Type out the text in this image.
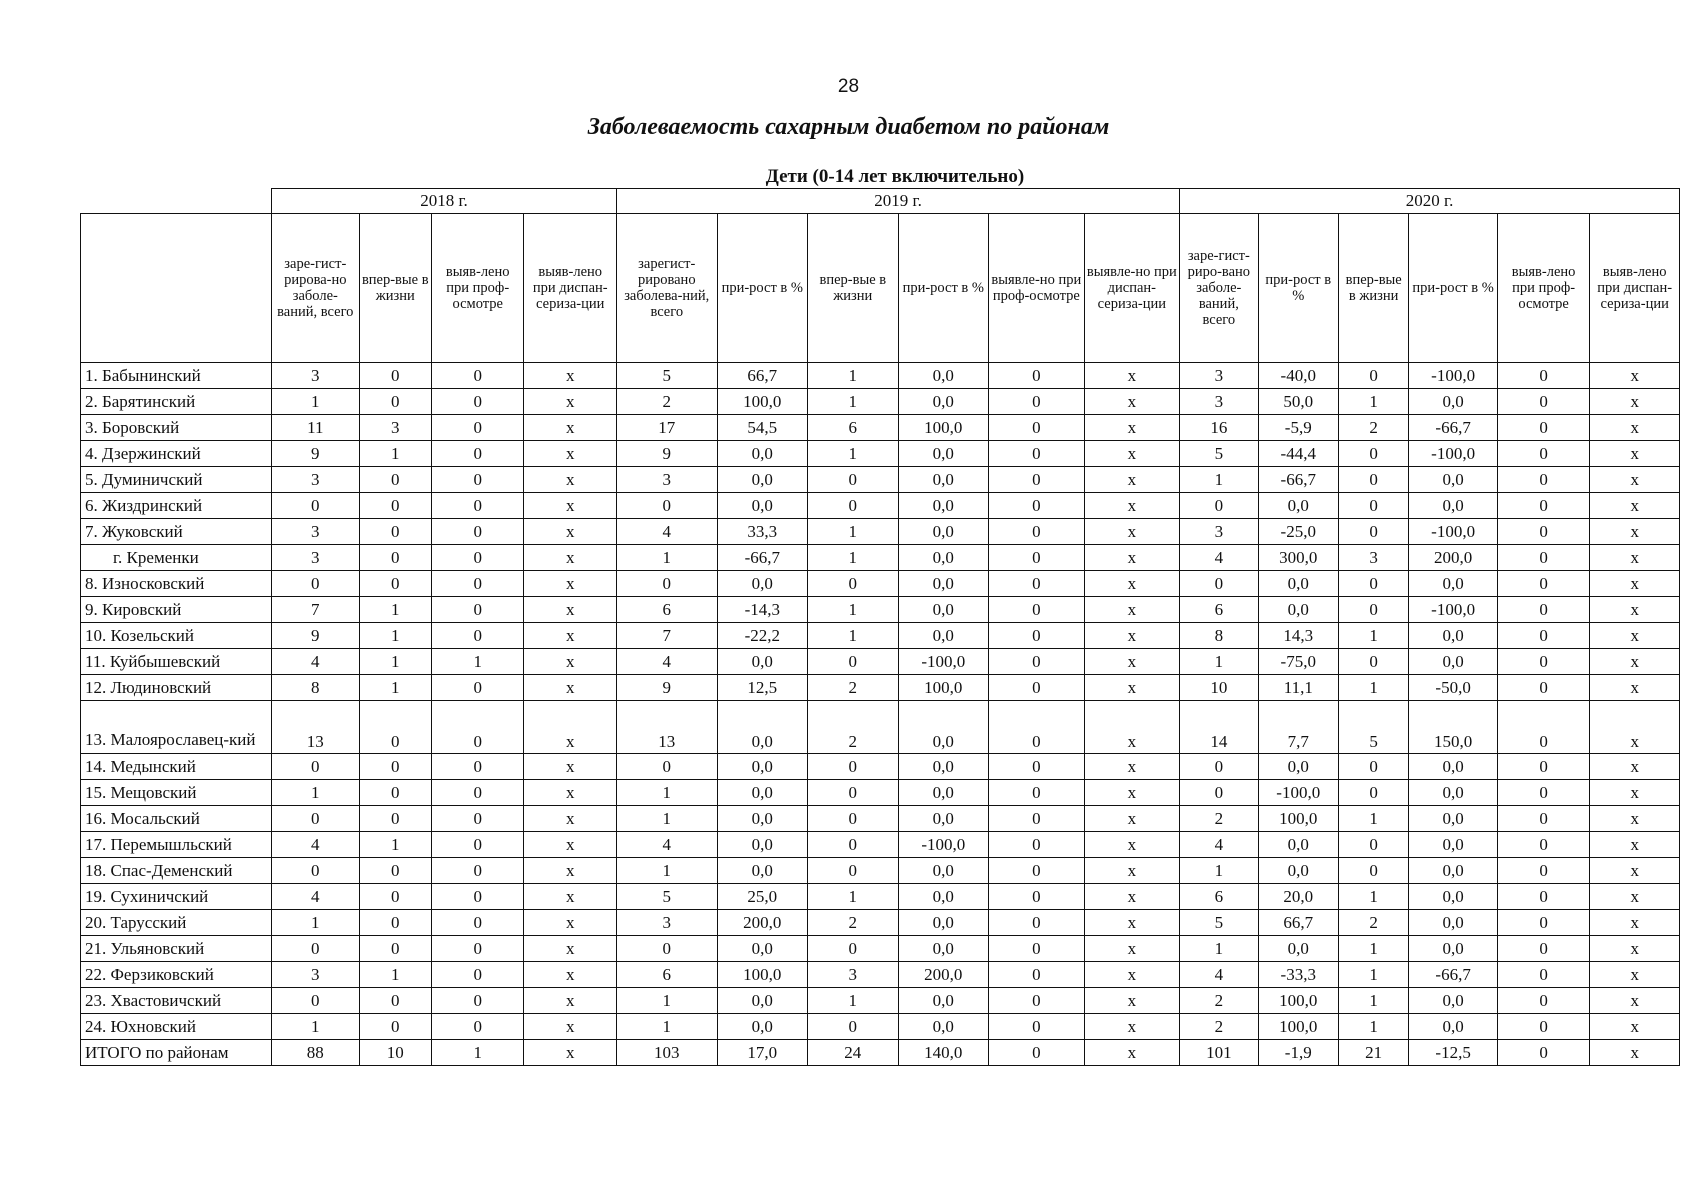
28
Заболеваемость сахарным диабетом по районам
Дети (0-14 лет включительно)
	2018 г.				2019 г.						2020 г.					
	заре-гист-рирова-но заболе-ваний, всего	впер-вые в жизни	выяв-лено при проф-осмотре	выяв-лено при диспан-сериза-ции	зарегист-рировано заболева-ний, всего	при-рост в %	впер-вые в жизни	при-рост в %	выявле-но при проф-осмотре	выявле-но при диспан-сериза-ции	заре-гист-риро-вано заболе-ваний, всего	при-рост в %	впер-вые в жизни	при-рост в %	выяв-лено при проф-осмотре	выяв-лено при диспан-сериза-ции
1. Бабынинский	3	0	0	х	5	66,7	1	0,0	0	х	3	-40,0	0	-100,0	0	х
2. Барятинский	1	0	0	х	2	100,0	1	0,0	0	х	3	50,0	1	0,0	0	х
3. Боровский	11	3	0	х	17	54,5	6	100,0	0	х	16	-5,9	2	-66,7	0	х
4. Дзержинский	9	1	0	х	9	0,0	1	0,0	0	х	5	-44,4	0	-100,0	0	х
5. Думиничский	3	0	0	х	3	0,0	0	0,0	0	х	1	-66,7	0	0,0	0	х
6. Жиздринский	0	0	0	х	0	0,0	0	0,0	0	х	0	0,0	0	0,0	0	х
7. Жуковский	3	0	0	х	4	33,3	1	0,0	0	х	3	-25,0	0	-100,0	0	х
г. Кременки	3	0	0	х	1	-66,7	1	0,0	0	х	4	300,0	3	200,0	0	х
8. Износковский	0	0	0	х	0	0,0	0	0,0	0	х	0	0,0	0	0,0	0	х
9. Кировский	7	1	0	х	6	-14,3	1	0,0	0	х	6	0,0	0	-100,0	0	х
10. Козельский	9	1	0	х	7	-22,2	1	0,0	0	х	8	14,3	1	0,0	0	х
11. Куйбышевский	4	1	1	х	4	0,0	0	-100,0	0	х	1	-75,0	0	0,0	0	х
12. Людиновский	8	1	0	х	9	12,5	2	100,0	0	х	10	11,1	1	-50,0	0	х
13. Малоярославец-кий	13	0	0	х	13	0,0	2	0,0	0	х	14	7,7	5	150,0	0	х
14. Медынский	0	0	0	х	0	0,0	0	0,0	0	х	0	0,0	0	0,0	0	х
15. Мещовский	1	0	0	х	1	0,0	0	0,0	0	х	0	-100,0	0	0,0	0	х
16. Мосальский	0	0	0	х	1	0,0	0	0,0	0	х	2	100,0	1	0,0	0	х
17. Перемышльский	4	1	0	х	4	0,0	0	-100,0	0	х	4	0,0	0	0,0	0	х
18. Спас-Деменский	0	0	0	х	1	0,0	0	0,0	0	х	1	0,0	0	0,0	0	х
19. Сухиничский	4	0	0	х	5	25,0	1	0,0	0	х	6	20,0	1	0,0	0	х
20. Тарусский	1	0	0	х	3	200,0	2	0,0	0	х	5	66,7	2	0,0	0	х
21. Ульяновский	0	0	0	х	0	0,0	0	0,0	0	х	1	0,0	1	0,0	0	х
22. Ферзиковский	3	1	0	х	6	100,0	3	200,0	0	х	4	-33,3	1	-66,7	0	х
23. Хвастовичский	0	0	0	х	1	0,0	1	0,0	0	х	2	100,0	1	0,0	0	х
24. Юхновский	1	0	0	х	1	0,0	0	0,0	0	х	2	100,0	1	0,0	0	х
ИТОГО по районам	88	10	1	х	103	17,0	24	140,0	0	х	101	-1,9	21	-12,5	0	х
